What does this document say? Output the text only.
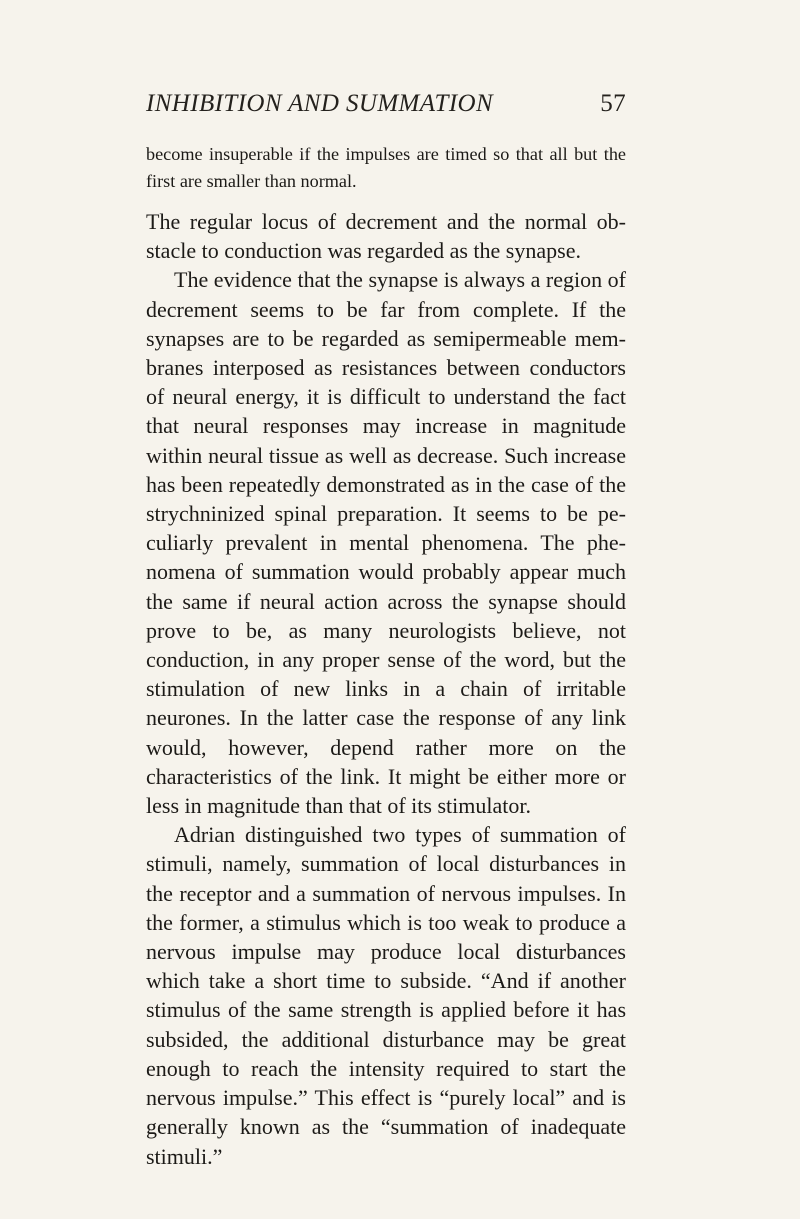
INHIBITION AND SUMMATION	57
become insuperable if the impulses are timed so that all but the first are smaller than normal.

The regular locus of decrement and the normal obstacle to conduction was regarded as the synapse.

The evidence that the synapse is always a region of decrement seems to be far from complete. If the synapses are to be regarded as semipermeable membranes interposed as resistances between conductors of neural energy, it is difficult to understand the fact that neural responses may increase in magnitude within neural tissue as well as decrease. Such increase has been repeatedly demonstrated as in the case of the strychninized spinal preparation. It seems to be peculiarly prevalent in mental phenomena. The phenomena of summation would probably appear much the same if neural action across the synapse should prove to be, as many neurologists believe, not conduction, in any proper sense of the word, but the stimulation of new links in a chain of irritable neurones. In the latter case the response of any link would, however, depend rather more on the characteristics of the link. It might be either more or less in magnitude than that of its stimulator.

Adrian distinguished two types of summation of stimuli, namely, summation of local disturbances in the receptor and a summation of nervous impulses. In the former, a stimulus which is too weak to produce a nervous impulse may produce local disturbances which take a short time to subside. “And if another stimulus of the same strength is applied before it has subsided, the additional disturbance may be great enough to reach the intensity required to start the nervous impulse.” This effect is “purely local” and is generally known as the “summation of inadequate stimuli.”
